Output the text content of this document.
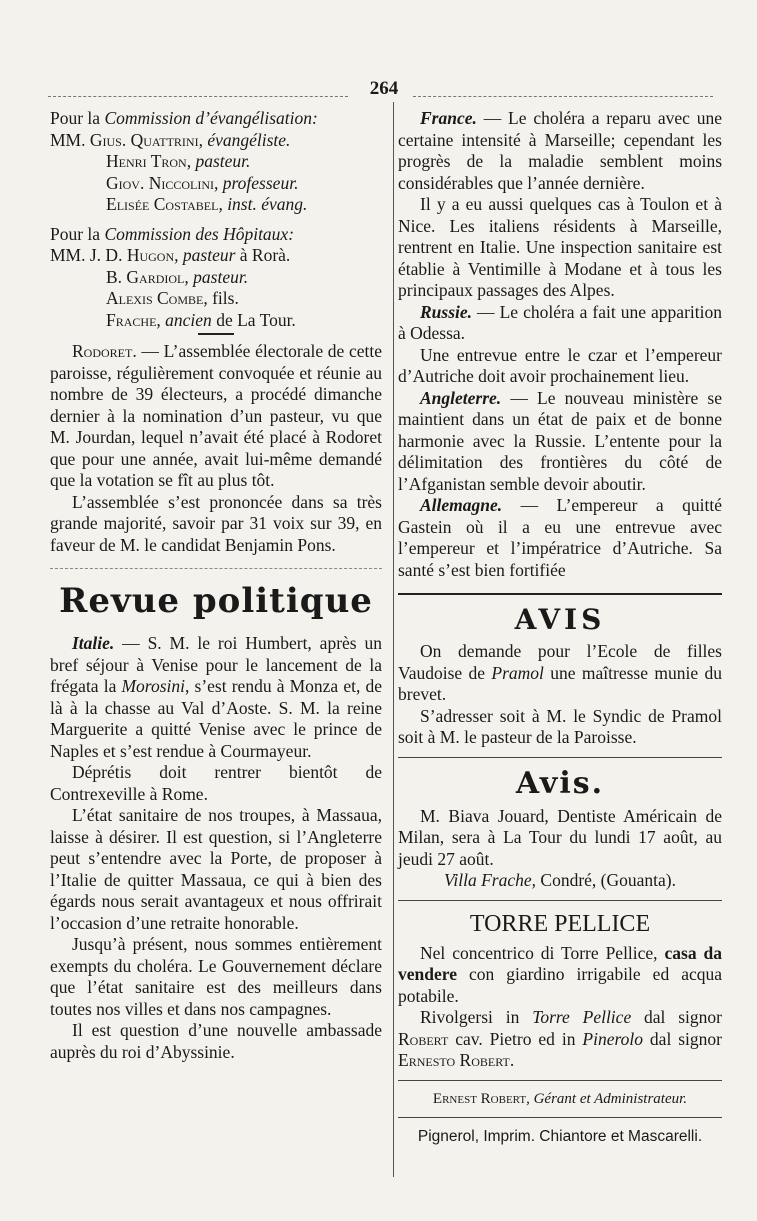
264

Pour la Commission d’évangélisation:

MM. Gius. Quattrini, évangéliste.
Henri Tron, pasteur.
Giov. Niccolini, professeur.
Elisée Costabel, inst. évang.

Pour la Commission des Hôpitaux:

MM. J. D. Hugon, pasteur à Rorà.
B. Gardiol, pasteur.
Alexis Combe, fils.
Frache, ancien de La Tour.

Rodoret. — L’assemblée électorale de cette paroisse, régulièrement convoquée et réunie au nombre de 39 électeurs, a procédé dimanche dernier à la nomination d’un pasteur, vu que M. Jourdan, lequel n’avait été placé à Rodoret que pour une année, avait lui-même demandé que la votation se fît au plus tôt.

L’assemblée s’est prononcée dans sa très grande majorité, savoir par 31 voix sur 39, en faveur de M. le candidat Benjamin Pons.

Revue politique

Italie. — S. M. le roi Humbert, après un bref séjour à Venise pour le lancement de la frégata la Morosini, s’est rendu à Monza et, de là à la chasse au Val d’Aoste. S. M. la reine Marguerite a quitté Venise avec le prince de Naples et s’est rendue à Courmayeur.

Déprétis doit rentrer bientôt de Contrexeville à Rome.

L’état sanitaire de nos troupes, à Massaua, laisse à désirer. Il est question, si l’Angleterre peut s’entendre avec la Porte, de proposer à l’Italie de quitter Massaua, ce qui à bien des égards nous serait avantageux et nous offrirait l’occasion d’une retraite honorable.

Jusqu’à présent, nous sommes entièrement exempts du choléra. Le Gouvernement déclare que l’état sanitaire est des meilleurs dans toutes nos villes et dans nos campagnes.

Il est question d’une nouvelle ambassade auprès du roi d’Abyssinie.

France. — Le choléra a reparu avec une certaine intensité à Marseille; cependant les progrès de la maladie semblent moins considérables que l’année dernière.

Il y a eu aussi quelques cas à Toulon et à Nice. Les italiens résidents à Marseille, rentrent en Italie. Une inspection sanitaire est établie à Ventimille à Modane et à tous les principaux passages des Alpes.

Russie. — Le choléra a fait une apparition à Odessa.

Une entrevue entre le czar et l’empereur d’Autriche doit avoir prochainement lieu.

Angleterre. — Le nouveau ministère se maintient dans un état de paix et de bonne harmonie avec la Russie. L’entente pour la délimitation des frontières du côté de l’Afganistan semble devoir aboutir.

Allemagne. — L’empereur a quitté Gastein où il a eu une entrevue avec l’empereur et l’impératrice d’Autriche. Sa santé s’est bien fortifiée

AVIS

On demande pour l’Ecole de filles Vaudoise de Pramol une maîtresse munie du brevet.

S’adresser soit à M. le Syndic de Pramol soit à M. le pasteur de la Paroisse.

Avis.

M. Biava Jouard, Dentiste Américain de Milan, sera à La Tour du lundi 17 août, au jeudi 27 août.

Villa Frache, Condré, (Gouanta).

TORRE PELLICE

Nel concentrico di Torre Pellice, casa da vendere con giardino irrigabile ed acqua potabile.

Rivolgersi in Torre Pellice dal signor Robert cav. Pietro ed in Pinerolo dal signor Ernesto Robert.

Ernest Robert, Gérant et Administrateur.

Pignerol, Imprim. Chiantore et Mascarelli.
